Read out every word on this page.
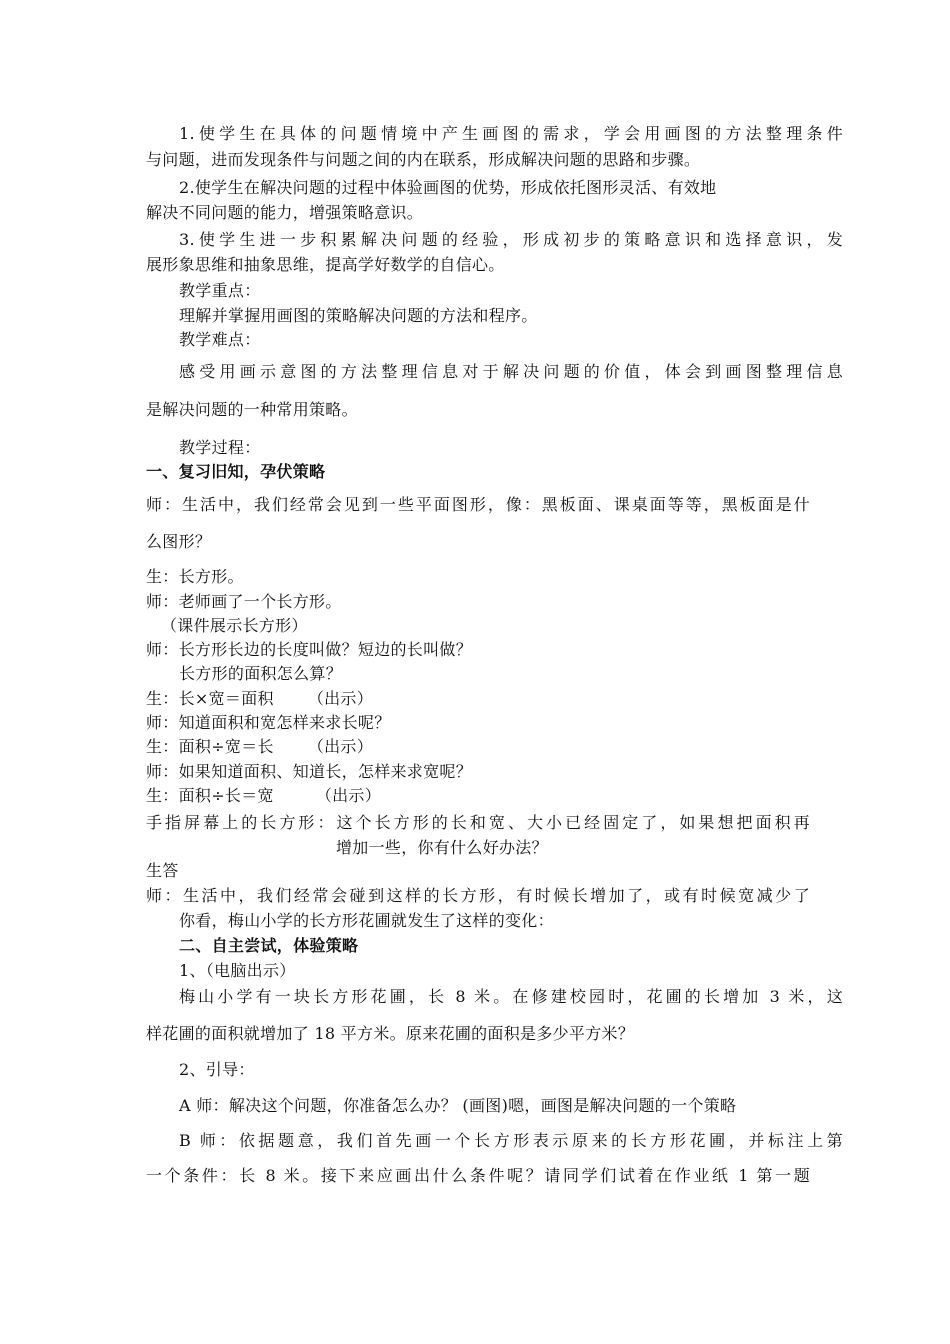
1.使学生在具体的问题情境中产生画图的需求，学会用画图的方法整理条件
与问题，进而发现条件与问题之间的内在联系，形成解决问题的思路和步骤。
2.使学生在解决问题的过程中体验画图的优势，形成依托图形灵活、有效地
解决不同问题的能力，增强策略意识。
3.使学生进一步积累解决问题的经验，形成初步的策略意识和选择意识，发
展形象思维和抽象思维，提高学好数学的自信心。
教学重点：
理解并掌握用画图的策略解决问题的方法和程序。
教学难点：
感受用画示意图的方法整理信息对于解决问题的价值，体会到画图整理信息
是解决问题的一种常用策略。
教学过程：
一、复习旧知，孕伏策略
师：生活中，我们经常会见到一些平面图形，像：黑板面、课桌面等等，黑板面是什
么图形？
生：长方形。
师：老师画了一个长方形。
（课件展示长方形）
师：长方形长边的长度叫做？短边的长叫做？
长方形的面积怎么算？
生：长×宽＝面积 （出示）
师：知道面积和宽怎样来求长呢？
生：面积÷宽＝长 （出示）
师：如果知道面积、知道长，怎样来求宽呢？
生：面积÷长＝宽	（出示）
手指屏幕上的长方形：这个长方形的长和宽、大小已经固定了，如果想把面积再
增加一些，你有什么好办法？
生答
师：生活中，我们经常会碰到这样的长方形，有时候长增加了，或有时候宽减少了
你看，梅山小学的长方形花圃就发生了这样的变化：
二、自主尝试，体验策略
1、（电脑出示）
梅山小学有一块长方形花圃，长 8 米。在修建校园时，花圃的长增加 3 米，这
样花圃的面积就增加了 18 平方米。原来花圃的面积是多少平方米？
2、引导：
A 师：解决这个问题，你准备怎么办？ (画图)嗯，画图是解决问题的一个策略
B 师：依据题意，我们首先画一个长方形表示原来的长方形花圃，并标注上第
一个条件：长 8 米。接下来应画出什么条件呢？请同学们试着在作业纸 1 第一题
